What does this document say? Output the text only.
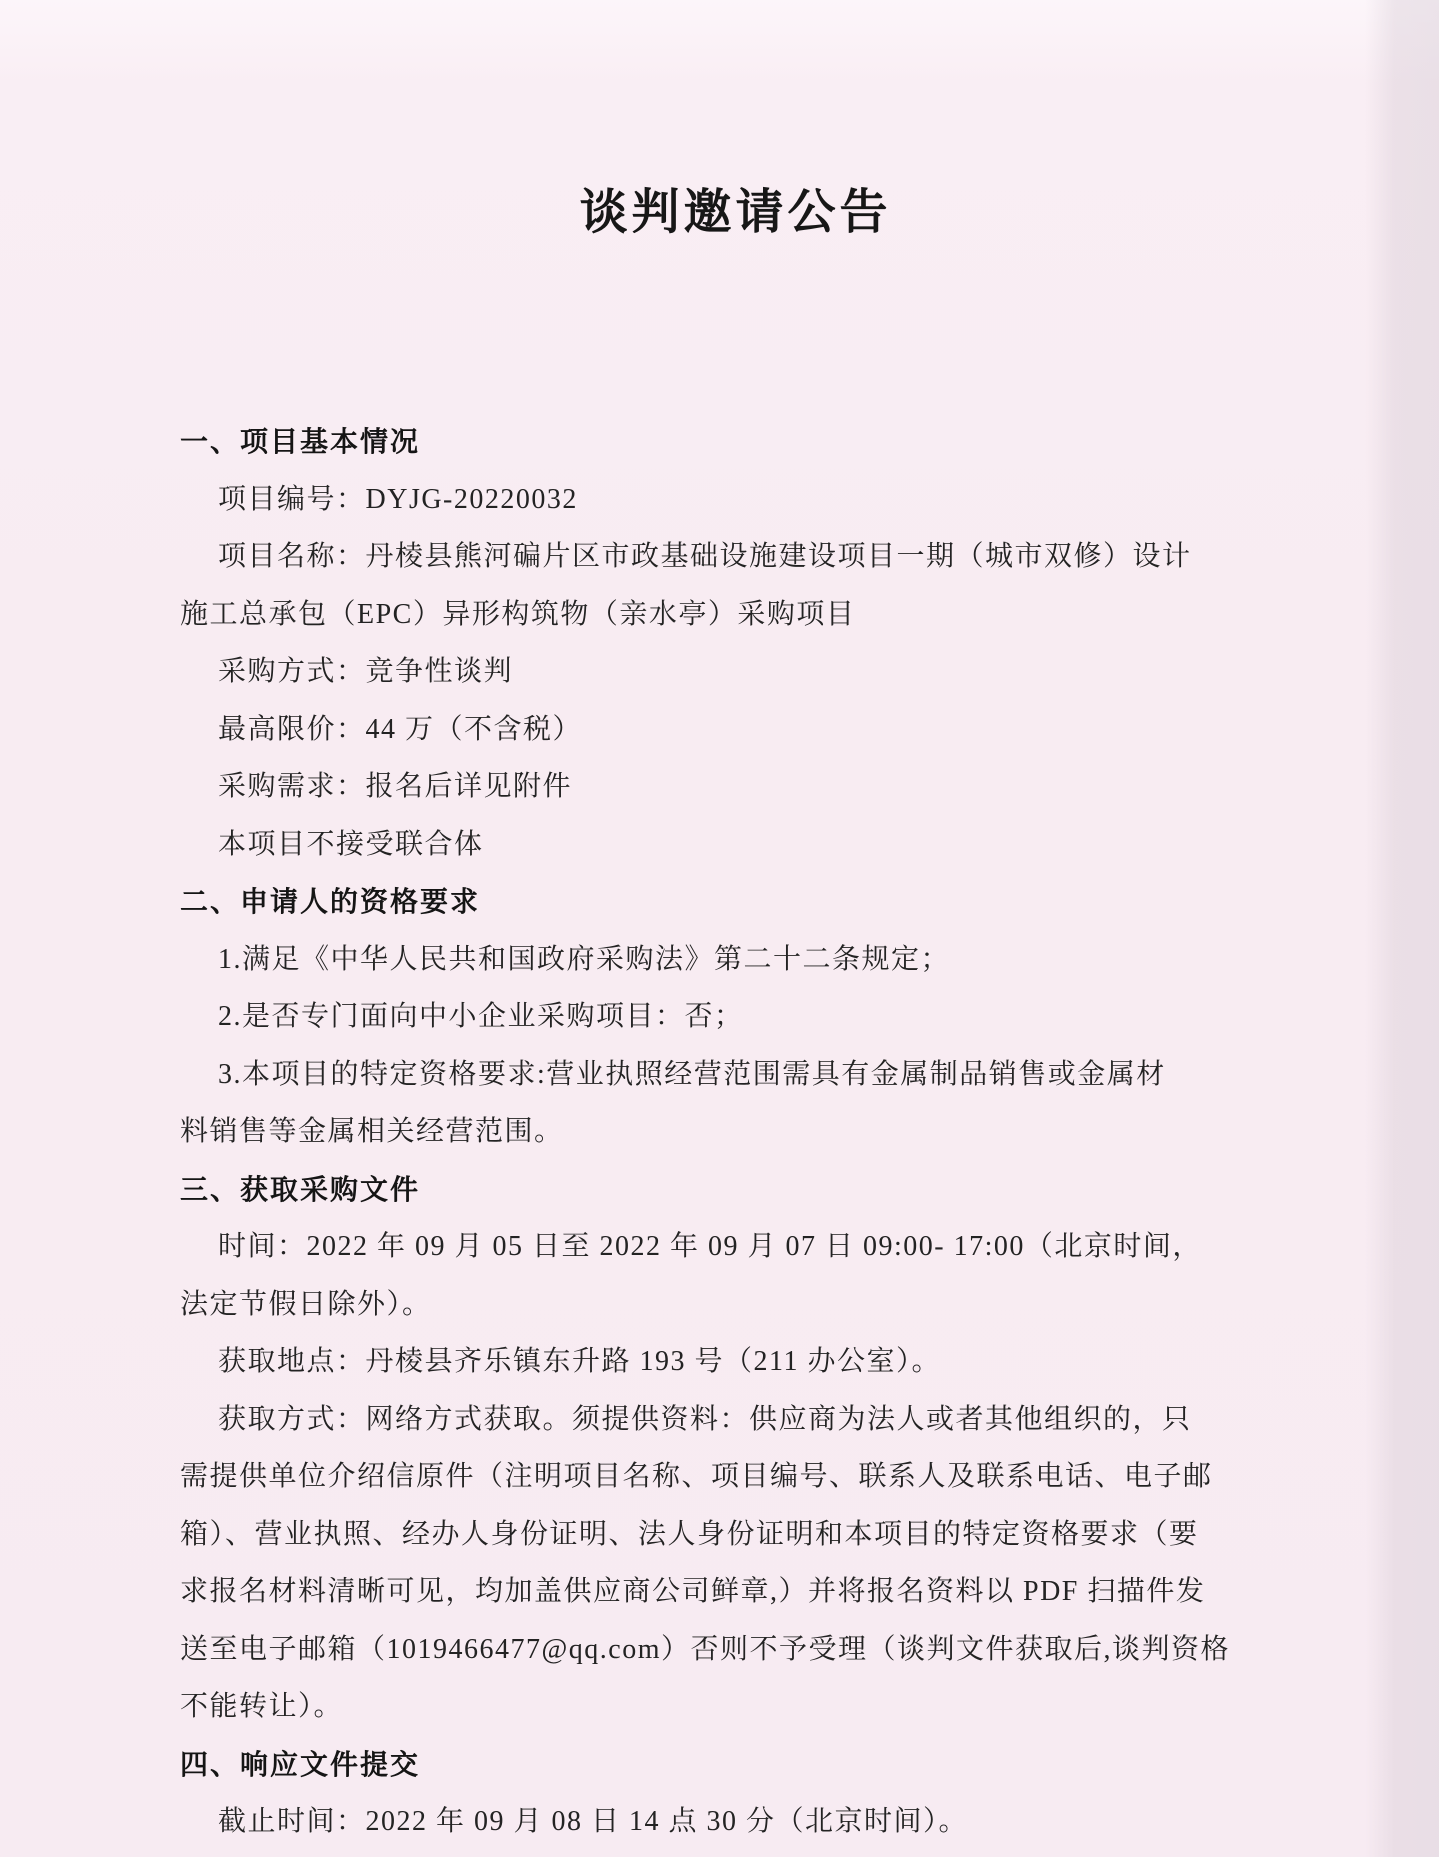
谈判邀请公告
一、项目基本情况
项目编号：DYJG-20220032
项目名称：丹棱县熊河碥片区市政基础设施建设项目一期（城市双修）设计
施工总承包（EPC）异形构筑物（亲水亭）采购项目
采购方式：竞争性谈判
最高限价：44 万（不含税）
采购需求：报名后详见附件
本项目不接受联合体
二、申请人的资格要求
1.满足《中华人民共和国政府采购法》第二十二条规定；
2.是否专门面向中小企业采购项目：否；
3.本项目的特定资格要求:营业执照经营范围需具有金属制品销售或金属材
料销售等金属相关经营范围。
三、获取采购文件
时间：2022 年 09 月 05 日至 2022 年 09 月 07 日 09:00- 17:00（北京时间，
法定节假日除外）。
获取地点：丹棱县齐乐镇东升路 193 号（211 办公室）。
获取方式：网络方式获取。须提供资料：供应商为法人或者其他组织的，只
需提供单位介绍信原件（注明项目名称、项目编号、联系人及联系电话、电子邮
箱）、营业执照、经办人身份证明、法人身份证明和本项目的特定资格要求（要
求报名材料清晰可见，均加盖供应商公司鲜章,）并将报名资料以 PDF 扫描件发
送至电子邮箱（1019466477@qq.com）否则不予受理（谈判文件获取后,谈判资格
不能转让）。
四、响应文件提交
截止时间：2022 年 09 月 08 日 14 点 30 分（北京时间）。
